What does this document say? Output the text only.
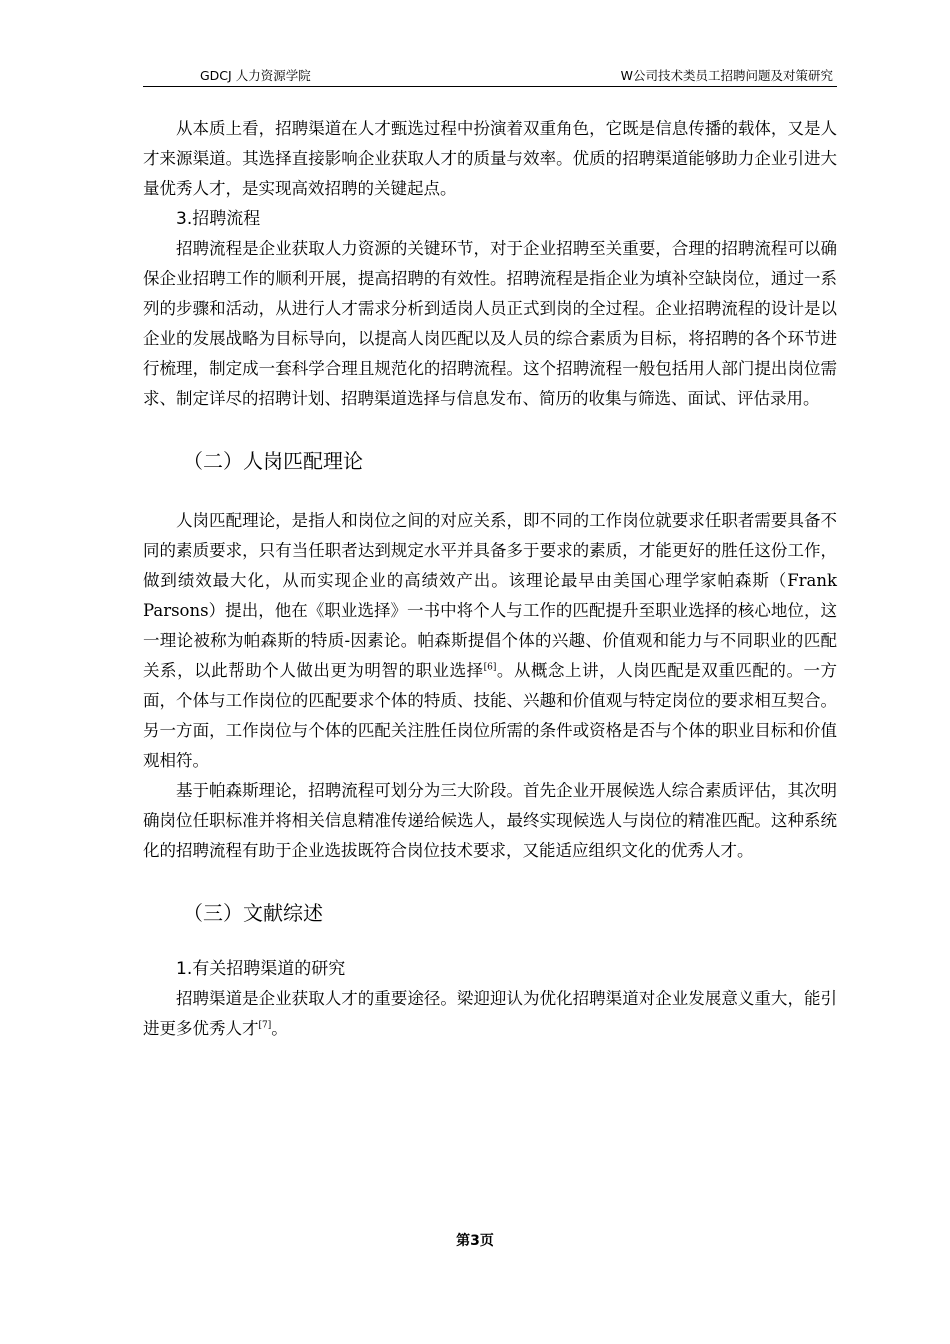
GDCJ 人力资源学院	W公司技术类员工招聘问题及对策研究

从本质上看，招聘渠道在人才甄选过程中扮演着双重角色，它既是信息传播的载体，又是人才来源渠道。其选择直接影响企业获取人才的质量与效率。优质的招聘渠道能够助力企业引进大量优秀人才，是实现高效招聘的关键起点。

3.招聘流程

招聘流程是企业获取人力资源的关键环节，对于企业招聘至关重要，合理的招聘流程可以确保企业招聘工作的顺利开展，提高招聘的有效性。招聘流程是指企业为填补空缺岗位，通过一系列的步骤和活动，从进行人才需求分析到适岗人员正式到岗的全过程。企业招聘流程的设计是以企业的发展战略为目标导向，以提高人岗匹配以及人员的综合素质为目标，将招聘的各个环节进行梳理，制定成一套科学合理且规范化的招聘流程。这个招聘流程一般包括用人部门提出岗位需求、制定详尽的招聘计划、招聘渠道选择与信息发布、简历的收集与筛选、面试、评估录用。

（二）人岗匹配理论

人岗匹配理论，是指人和岗位之间的对应关系，即不同的工作岗位就要求任职者需要具备不同的素质要求，只有当任职者达到规定水平并具备多于要求的素质，才能更好的胜任这份工作，做到绩效最大化，从而实现企业的高绩效产出。该理论最早由美国心理学家帕森斯（Frank Parsons）提出，他在《职业选择》一书中将个人与工作的匹配提升至职业选择的核心地位，这一理论被称为帕森斯的特质-因素论。帕森斯提倡个体的兴趣、价值观和能力与不同职业的匹配关系，以此帮助个人做出更为明智的职业选择[6]。从概念上讲，人岗匹配是双重匹配的。一方面，个体与工作岗位的匹配要求个体的特质、技能、兴趣和价值观与特定岗位的要求相互契合。另一方面，工作岗位与个体的匹配关注胜任岗位所需的条件或资格是否与个体的职业目标和价值观相符。

基于帕森斯理论，招聘流程可划分为三大阶段。首先企业开展候选人综合素质评估，其次明确岗位任职标准并将相关信息精准传递给候选人，最终实现候选人与岗位的精准匹配。这种系统化的招聘流程有助于企业选拔既符合岗位技术要求，又能适应组织文化的优秀人才。

（三）文献综述

1.有关招聘渠道的研究

招聘渠道是企业获取人才的重要途径。梁迎迎认为优化招聘渠道对企业发展意义重大，能引进更多优秀人才[7]。

第3页
